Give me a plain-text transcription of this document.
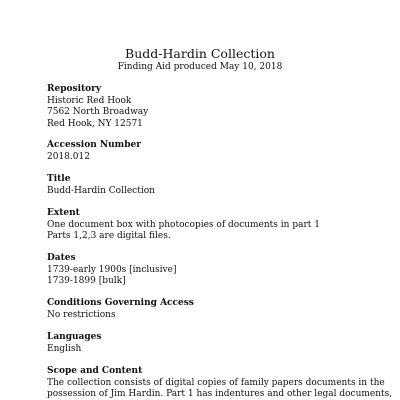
Budd-Hardin Collection
Finding Aid produced May 10, 2018
Repository
Historic Red Hook
7562 North Broadway
Red Hook, NY 12571
Accession Number
2018.012
Title
Budd-Hardin Collection
Extent
One document box with photocopies of documents in part 1
Parts 1,2,3 are digital files.
Dates
1739-early 1900s [inclusive]
1739-1899 [bulk]
Conditions Governing Access
No restrictions
Languages
English
Scope and Content
The collection consists of digital copies of family papers documents in the
possession of Jim Hardin. Part 1 has indentures and other legal documents,
